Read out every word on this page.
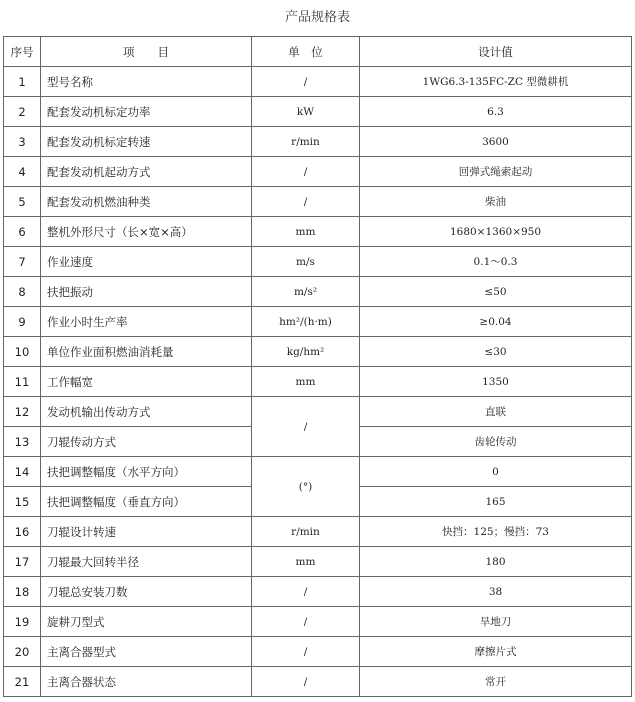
产品规格表
序号	项　　目	单　位	设计值
1	型号名称	/	1WG6.3-135FC-ZC 型微耕机
2	配套发动机标定功率	kW	6.3
3	配套发动机标定转速	r/min	3600
4	配套发动机起动方式	/	回弹式绳索起动
5	配套发动机燃油种类	/	柴油
6	整机外形尺寸（长×宽×高）	mm	1680×1360×950
7	作业速度	m/s	0.1～0.3
8	扶把振动	m/s²	≤50
9	作业小时生产率	hm²/(h·m)	≥0.04
10	单位作业面积燃油消耗量	kg/hm²	≤30
11	工作幅宽	mm	1350
12	发动机输出传动方式	/	直联
13	刀辊传动方式		齿轮传动
14	扶把调整幅度（水平方向）	(°)	0
15	扶把调整幅度（垂直方向）		165
16	刀辊设计转速	r/min	快挡：125；慢挡：73
17	刀辊最大回转半径	mm	180
18	刀辊总安装刀数	/	38
19	旋耕刀型式	/	旱地刀
20	主离合器型式	/	摩擦片式
21	主离合器状态	/	常开
